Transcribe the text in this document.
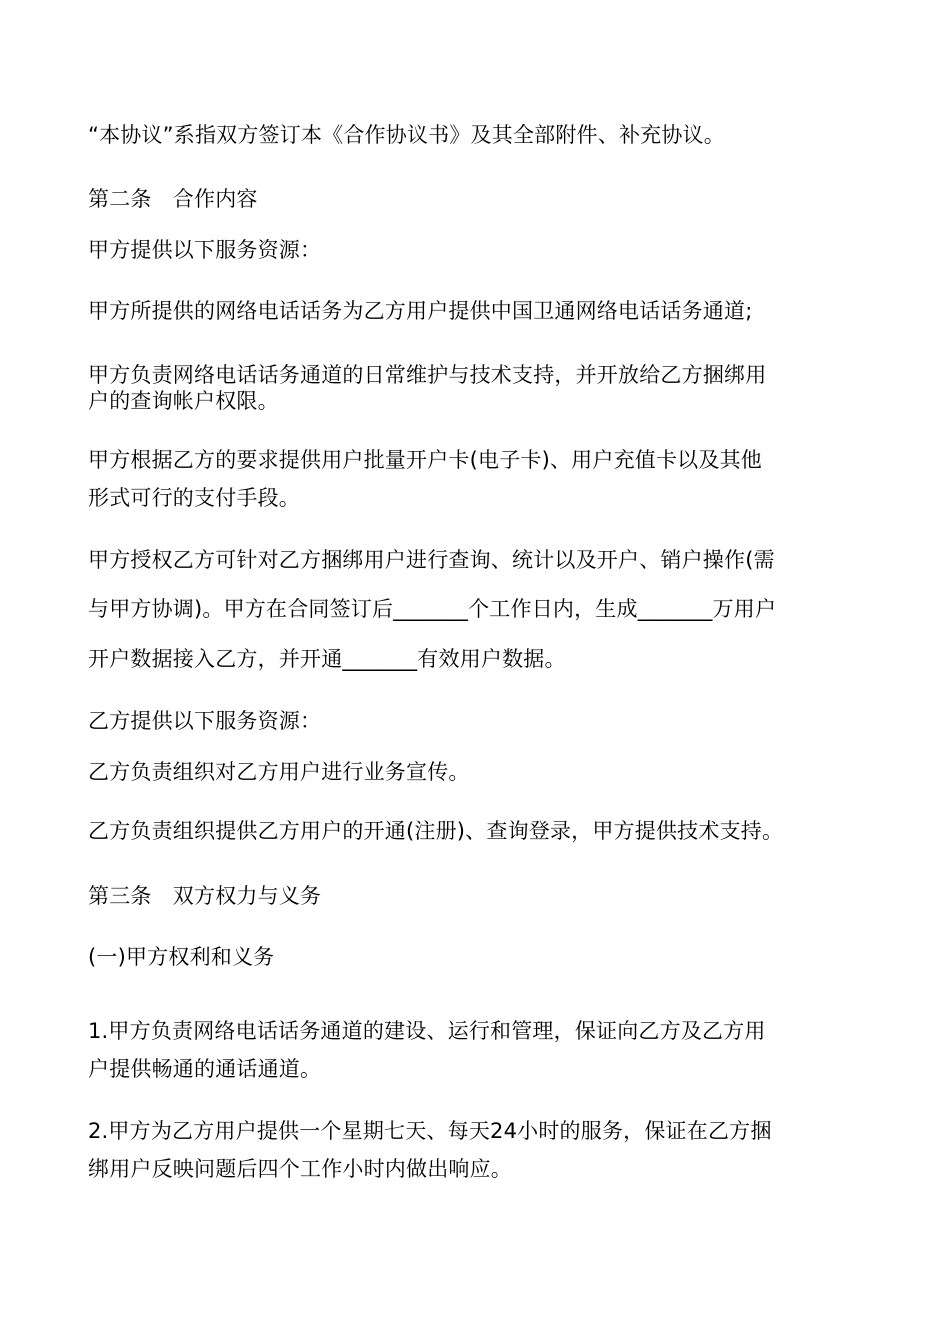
“本协议”系指双方签订本《合作协议书》及其全部附件、补充协议。
第二条　合作内容
甲方提供以下服务资源：
甲方所提供的网络电话话务为乙方用户提供中国卫通网络电话话务通道;
甲方负责网络电话话务通道的日常维护与技术支持，并开放给乙方捆绑用
户的查询帐户权限。
甲方根据乙方的要求提供用户批量开户卡(电子卡)、用户充值卡以及其他
形式可行的支付手段。
甲方授权乙方可针对乙方捆绑用户进行查询、统计以及开户、销户操作(需
与甲方协调)。甲方在合同签订后_______个工作日内，生成_______万用户
开户数据接入乙方，并开通_______有效用户数据。
乙方提供以下服务资源：
乙方负责组织对乙方用户进行业务宣传。
乙方负责组织提供乙方用户的开通(注册)、查询登录，甲方提供技术支持。
第三条　双方权力与义务
(一)甲方权利和义务
1.甲方负责网络电话话务通道的建设、运行和管理，保证向乙方及乙方用
户提供畅通的通话通道。
2.甲方为乙方用户提供一个星期七天、每天24小时的服务，保证在乙方捆
绑用户反映问题后四个工作小时内做出响应。
